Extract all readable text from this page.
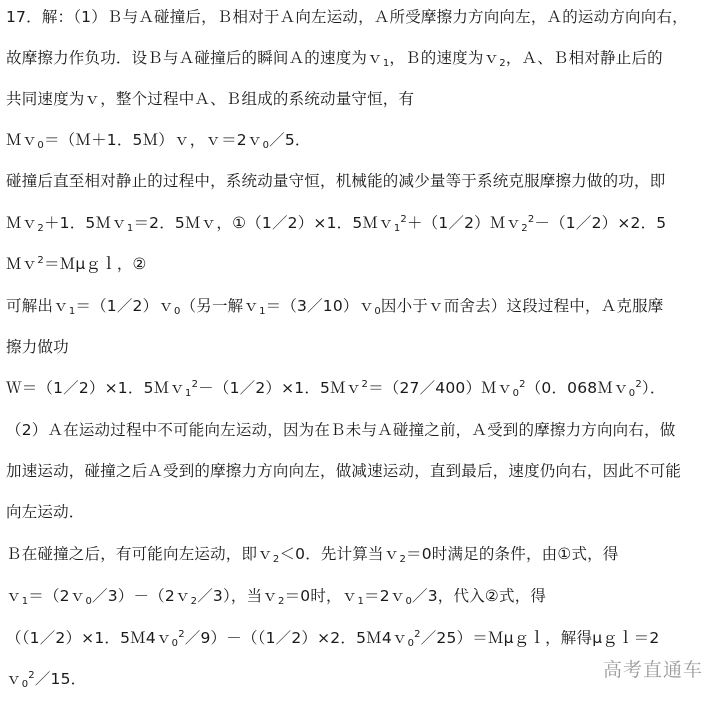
17．解：（1）Ｂ与Ａ碰撞后，Ｂ相对于Ａ向左运动，Ａ所受摩擦力方向向左，Ａ的运动方向向右，
故摩擦力作负功．设Ｂ与Ａ碰撞后的瞬间Ａ的速度为ｖ$_1$，Ｂ的速度为ｖ$_2$，Ａ、Ｂ相对静止后的
共同速度为ｖ，整个过程中Ａ、Ｂ组成的系统动量守恒，有
Ｍｖ$_0$＝（Ｍ＋1．5Ｍ）ｖ，ｖ＝2ｖ$_0$／5．
碰撞后直至相对静止的过程中，系统动量守恒，机械能的减少量等于系统克服摩擦力做的功，即
Ｍｖ$_2$＋1．5Ｍｖ$_1$＝2．5Ｍｖ，①（1／2）×1．5Ｍｖ$_1^2$＋（1／2）Ｍｖ$_2^2$－（1／2）×2．5
Ｍｖ$^2$＝Ｍμｇｌ，②
可解出ｖ$_1$＝（1／2）ｖ$_0$（另一解ｖ$_1$＝（3／10）ｖ$_0$因小于ｖ而舍去）这段过程中，Ａ克服摩
擦力做功
Ｗ＝（1／2）×1．5Ｍｖ$_1^2$－（1／2）×1．5Ｍｖ$^2$＝（27／400）Ｍｖ$_0^2$（0．068Ｍｖ$_0^2$）．
（2）Ａ在运动过程中不可能向左运动，因为在Ｂ未与Ａ碰撞之前，Ａ受到的摩擦力方向向右，做
加速运动，碰撞之后Ａ受到的摩擦力方向向左，做减速运动，直到最后，速度仍向右，因此不可能
向左运动．
Ｂ在碰撞之后，有可能向左运动，即ｖ$_2$＜0．先计算当ｖ$_2$＝0时满足的条件，由①式，得
ｖ$_1$＝（2ｖ$_0$／3）－（2ｖ$_2$／3），当ｖ$_2$＝0时，ｖ$_1$＝2ｖ$_0$／3，代入②式，得
（（1／2）×1．5Ｍ4ｖ$_0^2$／9）－（（1／2）×2．5Ｍ4ｖ$_0^2$／25）＝Ｍμｇｌ，解得μｇｌ＝2
ｖ$_0^2$／15．	高考直通车
